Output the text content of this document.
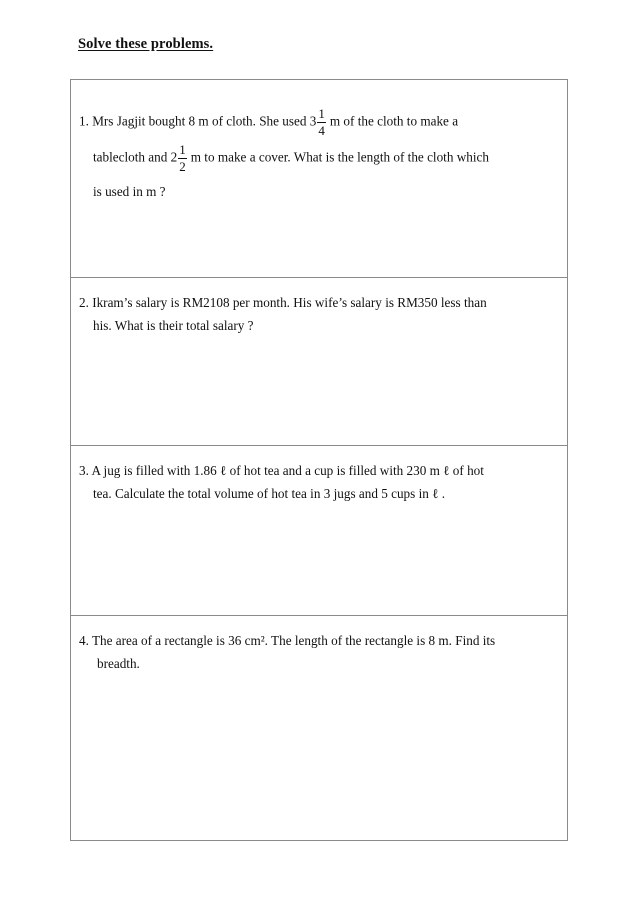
Solve these problems.
1. Mrs Jagjit bought 8 m of cloth. She used $3 \frac{1}{4}$ m of the cloth to make a
tablecloth and $2 \frac{1}{2}$ m to make a cover. What is the length of the cloth which
is used in m ?
2. Ikram’s salary is RM2108 per month. His wife’s salary is RM350 less than
his. What is their total salary ?
3. A jug is filled with 1.86 ℓ of hot tea and a cup is filled with 230 m ℓ of hot
tea. Calculate the total volume of hot tea in 3 jugs and 5 cups in ℓ .
4. The area of a rectangle is 36 cm². The length of the rectangle is 8 m. Find its
breadth.
